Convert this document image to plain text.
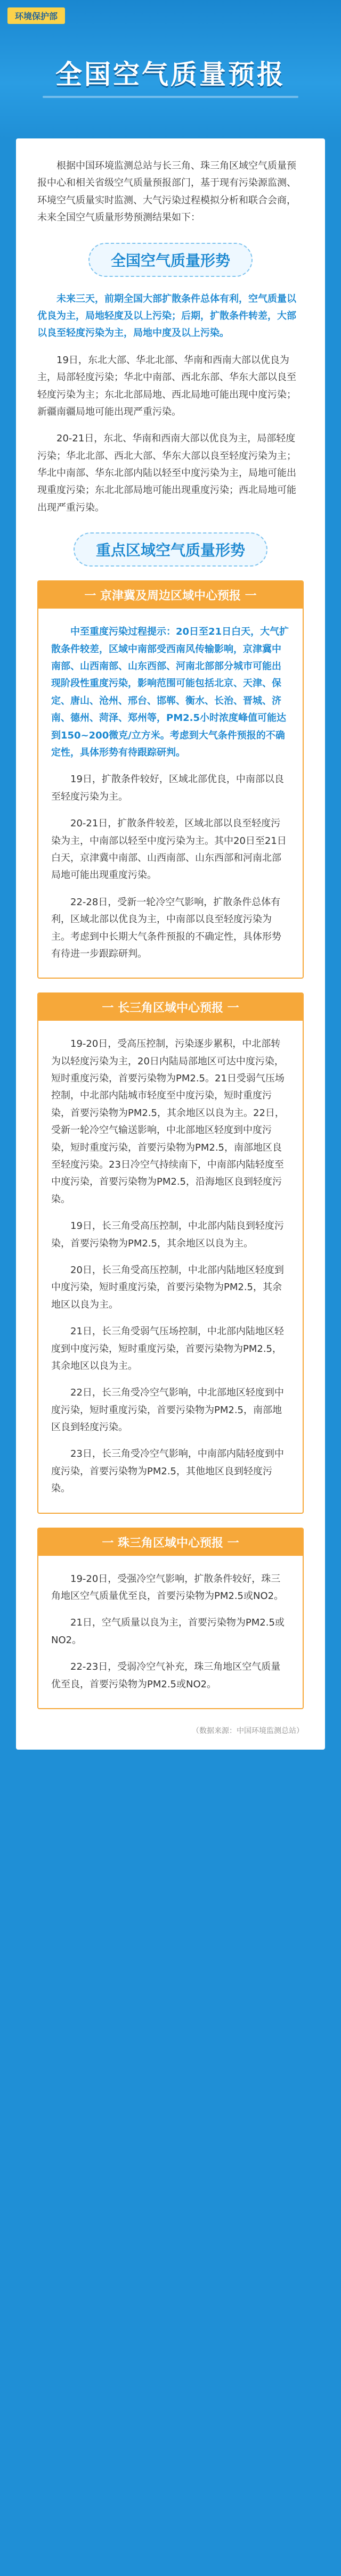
环境保护部
全国空气质量预报

根据中国环境监测总站与长三角、珠三角区域空气质量预报中心和相关省级空气质量预报部门，基于现有污染源监测、环境空气质量实时监测、大气污染过程模拟分析和联合会商，未来全国空气质量形势预测结果如下：

全国空气质量形势

未来三天，前期全国大部扩散条件总体有利，空气质量以优良为主，局地轻度及以上污染；后期，扩散条件转差，大部以良至轻度污染为主，局地中度及以上污染。

19日，东北大部、华北北部、华南和西南大部以优良为主，局部轻度污染；华北中南部、西北东部、华东大部以良至轻度污染为主；东北北部局地、西北局地可能出现中度污染；新疆南疆局地可能出现严重污染。

20-21日，东北、华南和西南大部以优良为主，局部轻度污染；华北北部、西北大部、华东大部以良至轻度污染为主；华北中南部、华东北部内陆以轻至中度污染为主，局地可能出现重度污染；东北北部局地可能出现重度污染；西北局地可能出现严重污染。

重点区域空气质量形势
一 京津冀及周边区域中心预报 一

中至重度污染过程提示：20日至21日白天，大气扩散条件较差，区域中南部受西南风传输影响，京津冀中南部、山西南部、山东西部、河南北部部分城市可能出现阶段性重度污染，影响范围可能包括北京、天津、保定、唐山、沧州、邢台、邯郸、衡水、长治、晋城、济南、德州、菏泽、郑州等，PM2.5小时浓度峰值可能达到150~200微克/立方米。考虑到大气条件预报的不确定性，具体形势有待跟踪研判。

19日，扩散条件较好，区域北部优良，中南部以良至轻度污染为主。

20-21日，扩散条件较差，区域北部以良至轻度污染为主，中南部以轻至中度污染为主。其中20日至21日白天，京津冀中南部、山西南部、山东西部和河南北部局地可能出现重度污染。

22-28日，受新一轮冷空气影响，扩散条件总体有利，区域北部以优良为主，中南部以良至轻度污染为主。考虑到中长期大气条件预报的不确定性，具体形势有待进一步跟踪研判。

一 长三角区域中心预报 一

19-20日，受高压控制，污染逐步累积，中北部转为以轻度污染为主，20日内陆局部地区可达中度污染，短时重度污染，首要污染物为PM2.5。21日受弱气压场控制，中北部内陆城市轻度至中度污染，短时重度污染，首要污染物为PM2.5，其余地区以良为主。22日，受新一轮冷空气输送影响，中北部地区轻度到中度污染，短时重度污染，首要污染物为PM2.5，南部地区良至轻度污染。23日冷空气持续南下，中南部内陆轻度至中度污染，首要污染物为PM2.5，沿海地区良到轻度污染。

19日，长三角受高压控制，中北部内陆良到轻度污染，首要污染物为PM2.5，其余地区以良为主。

20日，长三角受高压控制，中北部内陆地区轻度到中度污染，短时重度污染，首要污染物为PM2.5，其余地区以良为主。

21日，长三角受弱气压场控制，中北部内陆地区轻度到中度污染，短时重度污染，首要污染物为PM2.5，其余地区以良为主。

22日，长三角受冷空气影响，中北部地区轻度到中度污染，短时重度污染，首要污染物为PM2.5，南部地区良到轻度污染。

23日，长三角受冷空气影响，中南部内陆轻度到中度污染，首要污染物为PM2.5，其他地区良到轻度污染。

一 珠三角区域中心预报 一

19-20日，受强冷空气影响，扩散条件较好，珠三角地区空气质量优至良，首要污染物为PM2.5或NO2。

21日，空气质量以良为主，首要污染物为PM2.5或NO2。

22-23日，受弱冷空气补充，珠三角地区空气质量优至良，首要污染物为PM2.5或NO2。

（数据来源：中国环境监测总站）
